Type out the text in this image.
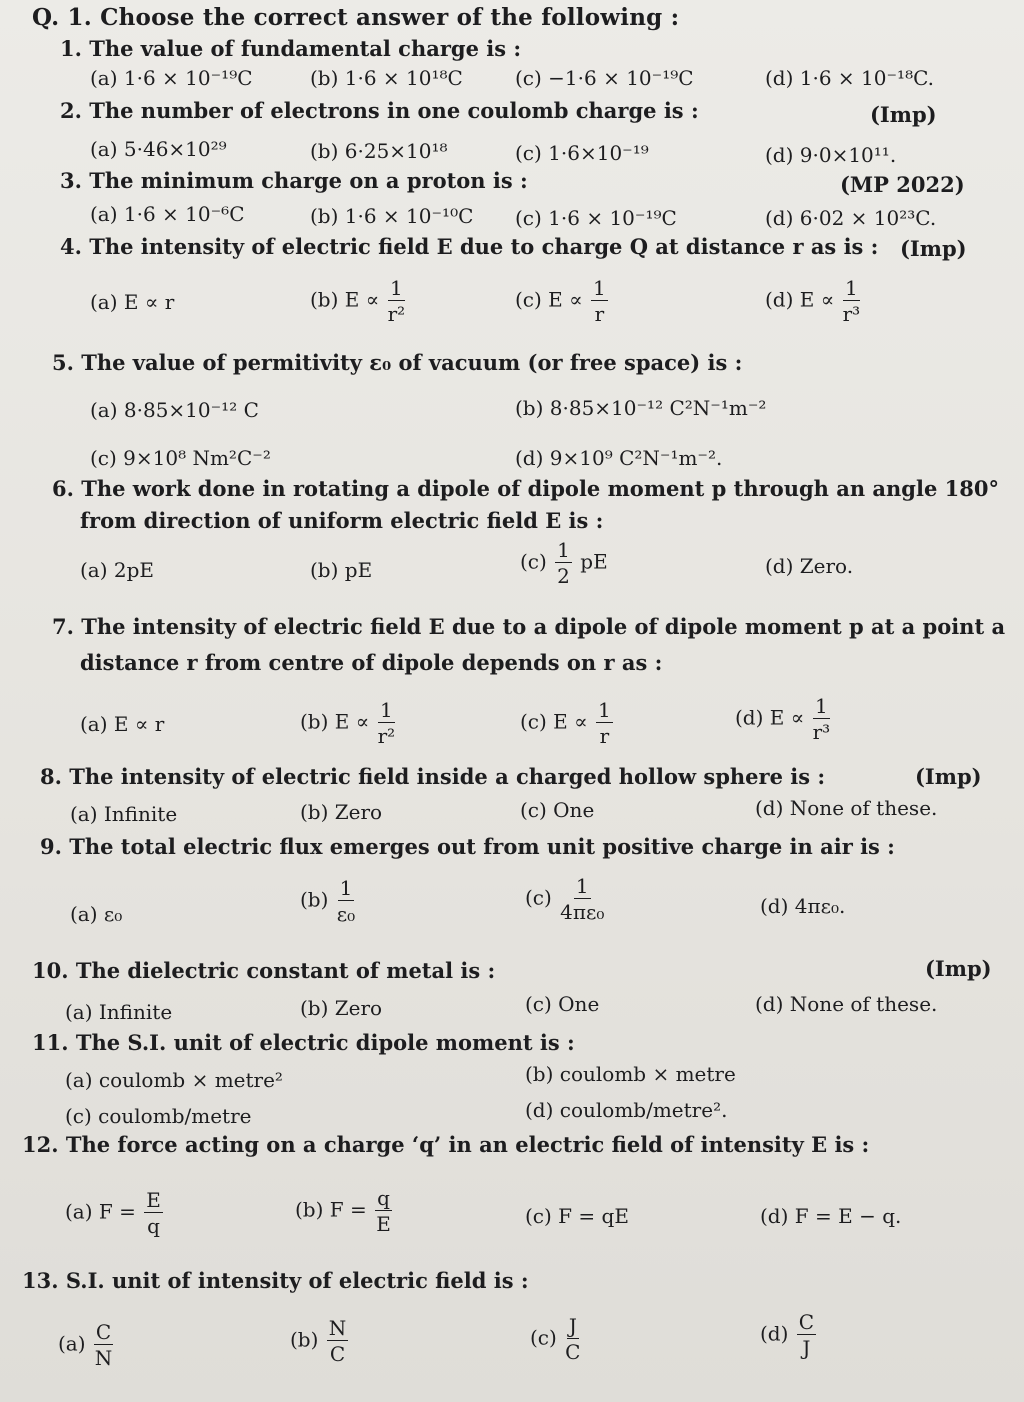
Q. 1. Choose the correct answer of the following :
1. The value of fundamental charge is :
(a) 1·6 × 10⁻¹⁹C	(b) 1·6 × 10¹⁸C	(c) −1·6 × 10⁻¹⁹C	(d) 1·6 × 10⁻¹⁸C.
2. The number of electrons in one coulomb charge is :	(Imp)
(a) 5·46×10²⁹	(b) 6·25×10¹⁸	(c) 1·6×10⁻¹⁹	(d) 9·0×10¹¹.
3. The minimum charge on a proton is :	(MP 2022)
(a) 1·6 × 10⁻⁶C	(b) 1·6 × 10⁻¹⁰C (c) 1·6 × 10⁻¹⁹C	(d) 6·02 × 10²³C.
4. The intensity of electric field E due to charge Q at distance r as is : (Imp)
(a) E ∝ r	(b) $E \propto \frac{1}{\text{r²}}$	(c) $E \propto \frac{1}{r}$	(d) $E \propto \frac{1}{\text{r³}}$
5. The value of permitivity ε₀ of vacuum (or free space) is :
(a) 8·85×10⁻¹² C	(b) 8·85×10⁻¹² C²N⁻¹m⁻²
(c) 9×10⁸ Nm²C⁻²	(d) 9×10⁹ C²N⁻¹m⁻².
6. The work done in rotating a dipole of dipole moment p through an angle 180°
from direction of uniform electric field E is :
(a) 2pE	(b) pE	$(c) \frac{1}{2}$ pE	(d) Zero.
7. The intensity of electric field E due to a dipole of dipole moment p at a point a
distance r from centre of dipole depends on r as :
(a) E ∝ r	(b) $E \propto \frac{1}{\text{r²}}$	(c) $E \propto \frac{1}{r}$	(d) $E \propto \frac{1}{\text{r³}}$
8. The intensity of electric field inside a charged hollow sphere is :	(Imp)
(a) Infinite	(b) Zero	(c) One	(d) None of these.
9. The total electric flux emerges out from unit positive charge in air is :
(a) ε₀
$(b) \frac{1}{\text{ε₀}}$	$(c) \frac{1}{\text{4πε₀}}$	(d) 4πε₀.
10. The dielectric constant of metal is :	(Imp)
(a) Infinite	(b) Zero	(c) One	(d) None of these.
11. The S.I. unit of electric dipole moment is :
(a) coulomb × metre²	(b) coulomb × metre
(c) coulomb/metre	(d) coulomb/metre².
12. The force acting on a charge ‘q’ in an electric field of intensity E is :
(a) $F = \frac{E}{q}$	(b) $F = \frac{q}{E}$	(c) F = qE	(d) F = E − q.
13. S.I. unit of intensity of electric field is :
$(a) \frac{C}{N}$	$(b) \frac{N}{C}$	$(c) \frac{J}{C}$	$(d) \frac{C}{J}$
